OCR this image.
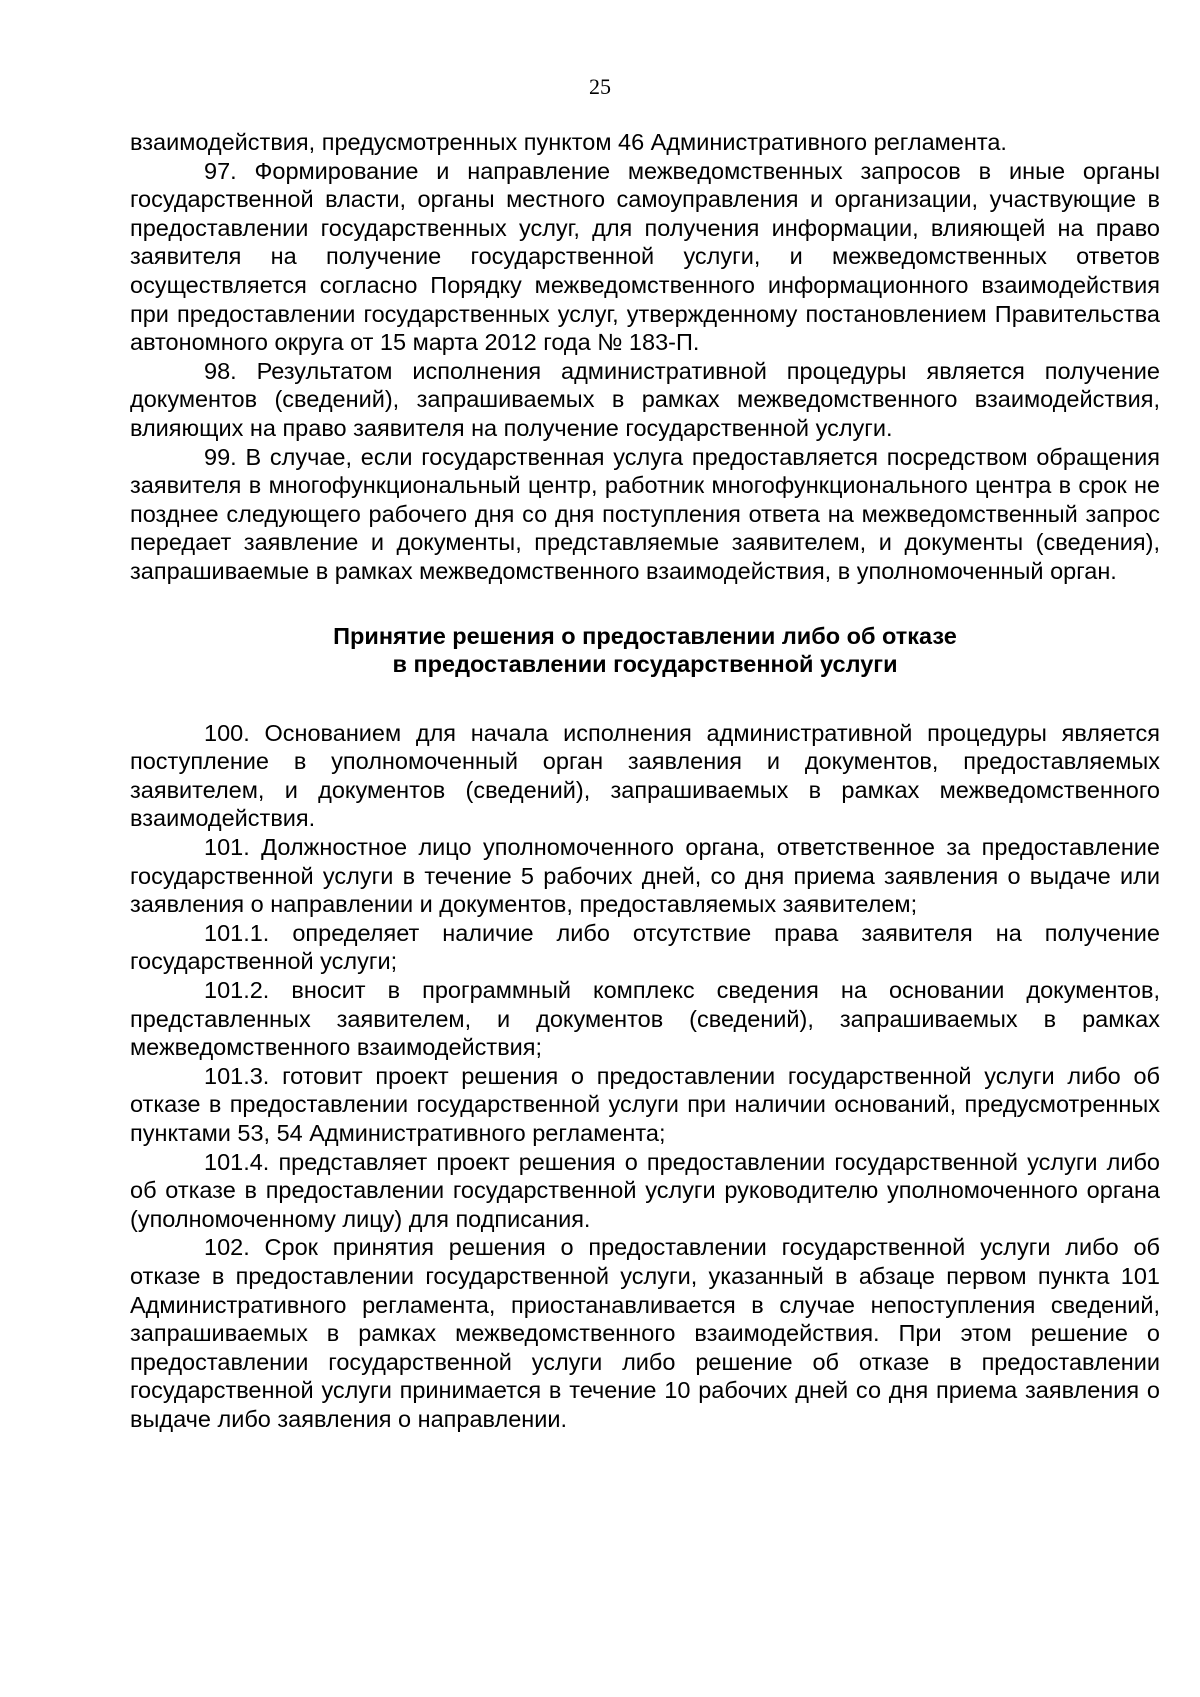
25

взаимодействия, предусмотренных пунктом 46 Административного регламента.

97. Формирование и направление межведомственных запросов в иные органы государственной власти, органы местного самоуправления и организации, участвующие в предоставлении государственных услуг, для получения информации, влияющей на право заявителя на получение государственной услуги, и межведомственных ответов осуществляется согласно Порядку межведомственного информационного взаимодействия при предоставлении государственных услуг, утвержденному постановлением Правительства автономного округа от 15 марта 2012 года № 183-П.

98. Результатом исполнения административной процедуры является получение документов (сведений), запрашиваемых в рамках межведомственного взаимодействия, влияющих на право заявителя на получение государственной услуги.

99. В случае, если государственная услуга предоставляется посредством обращения заявителя в многофункциональный центр, работник многофункционального центра в срок не позднее следующего рабочего дня со дня поступления ответа на межведомственный запрос передает заявление и документы, представляемые заявителем, и документы (сведения), запрашиваемые в рамках межведомственного взаимодействия, в уполномоченный орган.

Принятие решения о предоставлении либо об отказе

в предоставлении государственной услуги

100. Основанием для начала исполнения административной процедуры является поступление в уполномоченный орган заявления и документов, предоставляемых заявителем, и документов (сведений), запрашиваемых в рамках межведомственного взаимодействия.

101. Должностное лицо уполномоченного органа, ответственное за предоставление государственной услуги в течение 5 рабочих дней, со дня приема заявления о выдаче или заявления о направлении и документов, предоставляемых заявителем;

101.1. определяет наличие либо отсутствие права заявителя на получение государственной услуги;

101.2. вносит в программный комплекс сведения на основании документов, представленных заявителем, и документов (сведений), запрашиваемых в рамках межведомственного взаимодействия;

101.3. готовит проект решения о предоставлении государственной услуги либо об отказе в предоставлении государственной услуги при наличии оснований, предусмотренных пунктами 53, 54 Административного регламента;

101.4. представляет проект решения о предоставлении государственной услуги либо об отказе в предоставлении государственной услуги руководителю уполномоченного органа (уполномоченному лицу) для подписания.

102. Срок принятия решения о предоставлении государственной услуги либо об отказе в предоставлении государственной услуги, указанный в абзаце первом пункта 101 Административного регламента, приостанавливается в случае непоступления сведений, запрашиваемых в рамках межведомственного взаимодействия. При этом решение о предоставлении государственной услуги либо решение об отказе в предоставлении государственной услуги принимается в течение 10 рабочих дней со дня приема заявления о выдаче либо заявления о направлении.
